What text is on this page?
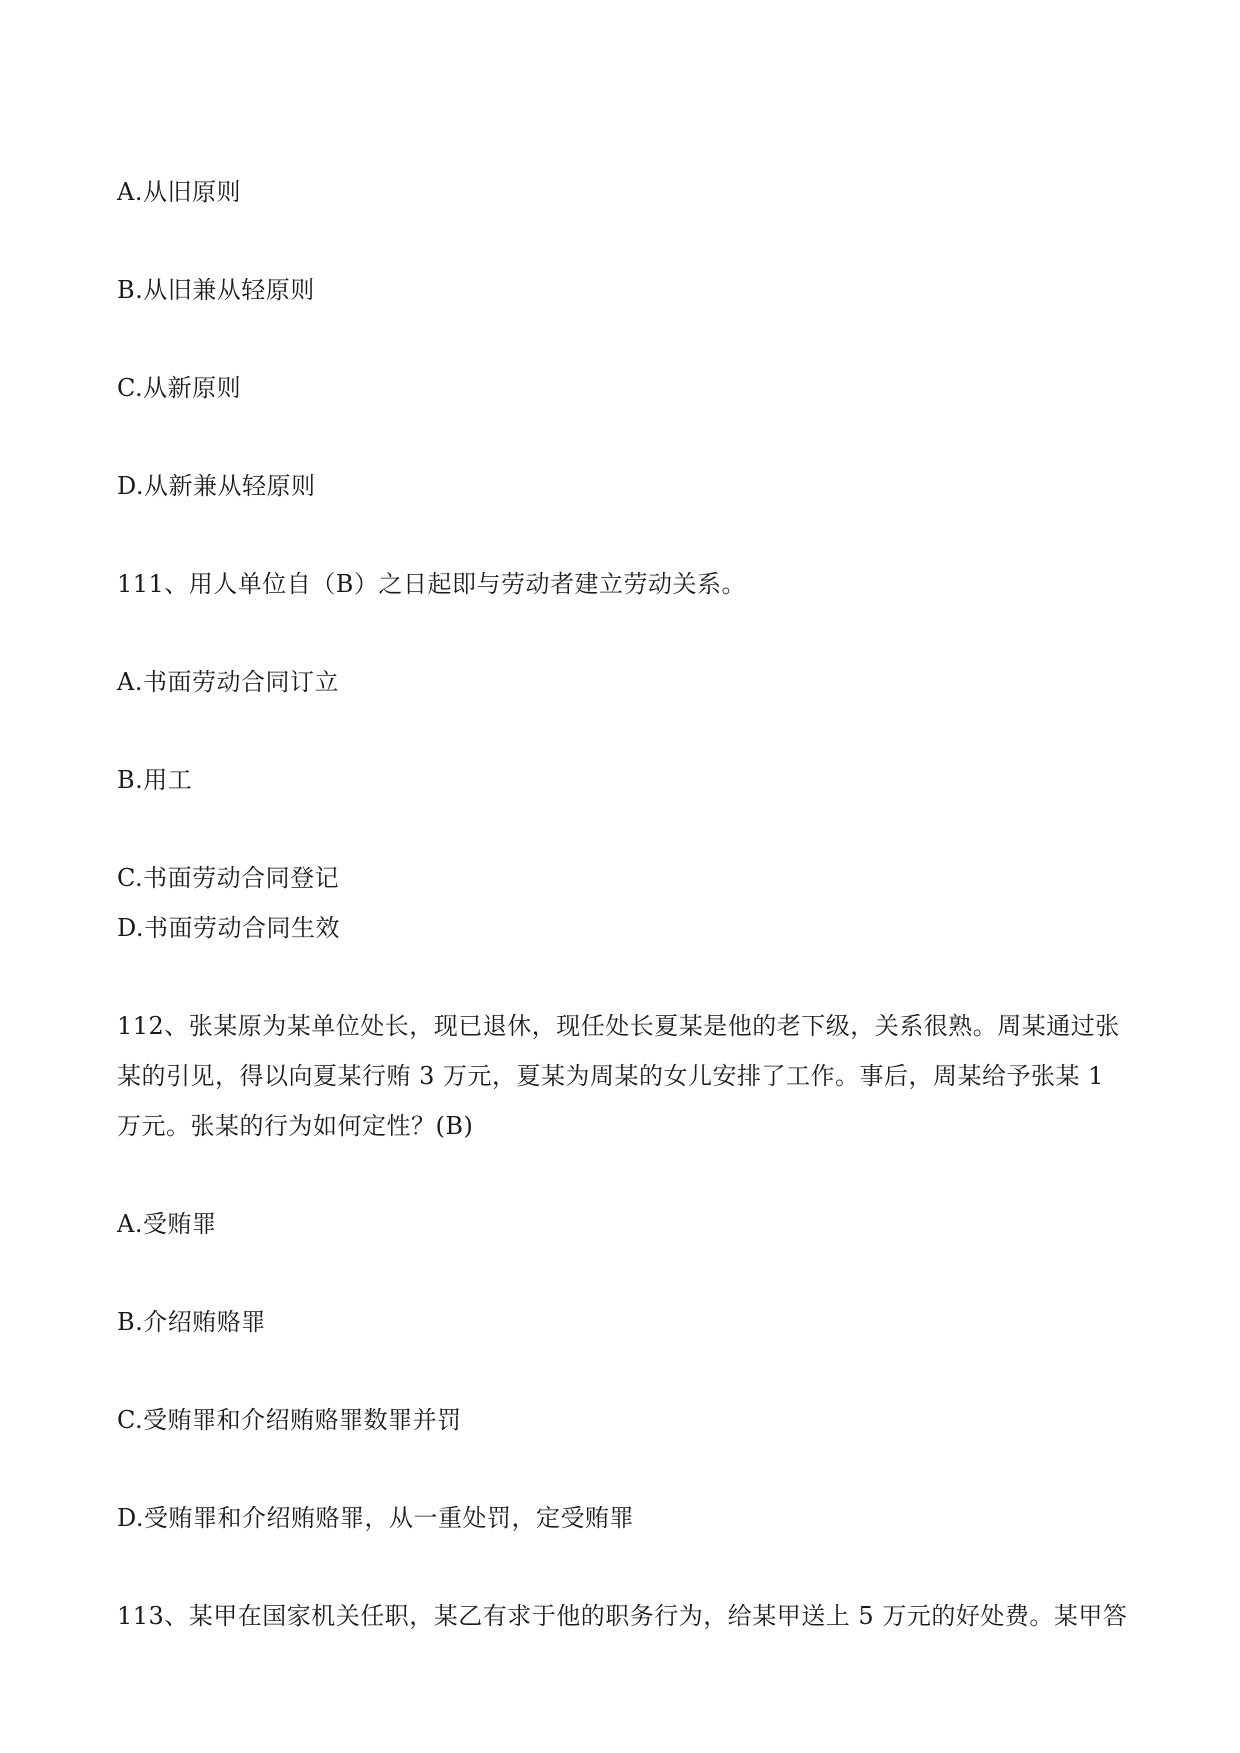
A.从旧原则
B.从旧兼从轻原则
C.从新原则
D.从新兼从轻原则
111、用人单位自（B）之日起即与劳动者建立劳动关系。
A.书面劳动合同订立
B.用工
C.书面劳动合同登记
D.书面劳动合同生效
112、张某原为某单位处长，现已退休，现任处长夏某是他的老下级，关系很熟。周某通过张
某的引见，得以向夏某行贿 3 万元，夏某为周某的女儿安排了工作。事后，周某给予张某 1
万元。张某的行为如何定性？(B)
A.受贿罪
B.介绍贿赂罪
C.受贿罪和介绍贿赂罪数罪并罚
D.受贿罪和介绍贿赂罪，从一重处罚，定受贿罪
113、某甲在国家机关任职，某乙有求于他的职务行为，给某甲送上 5 万元的好处费。某甲答
